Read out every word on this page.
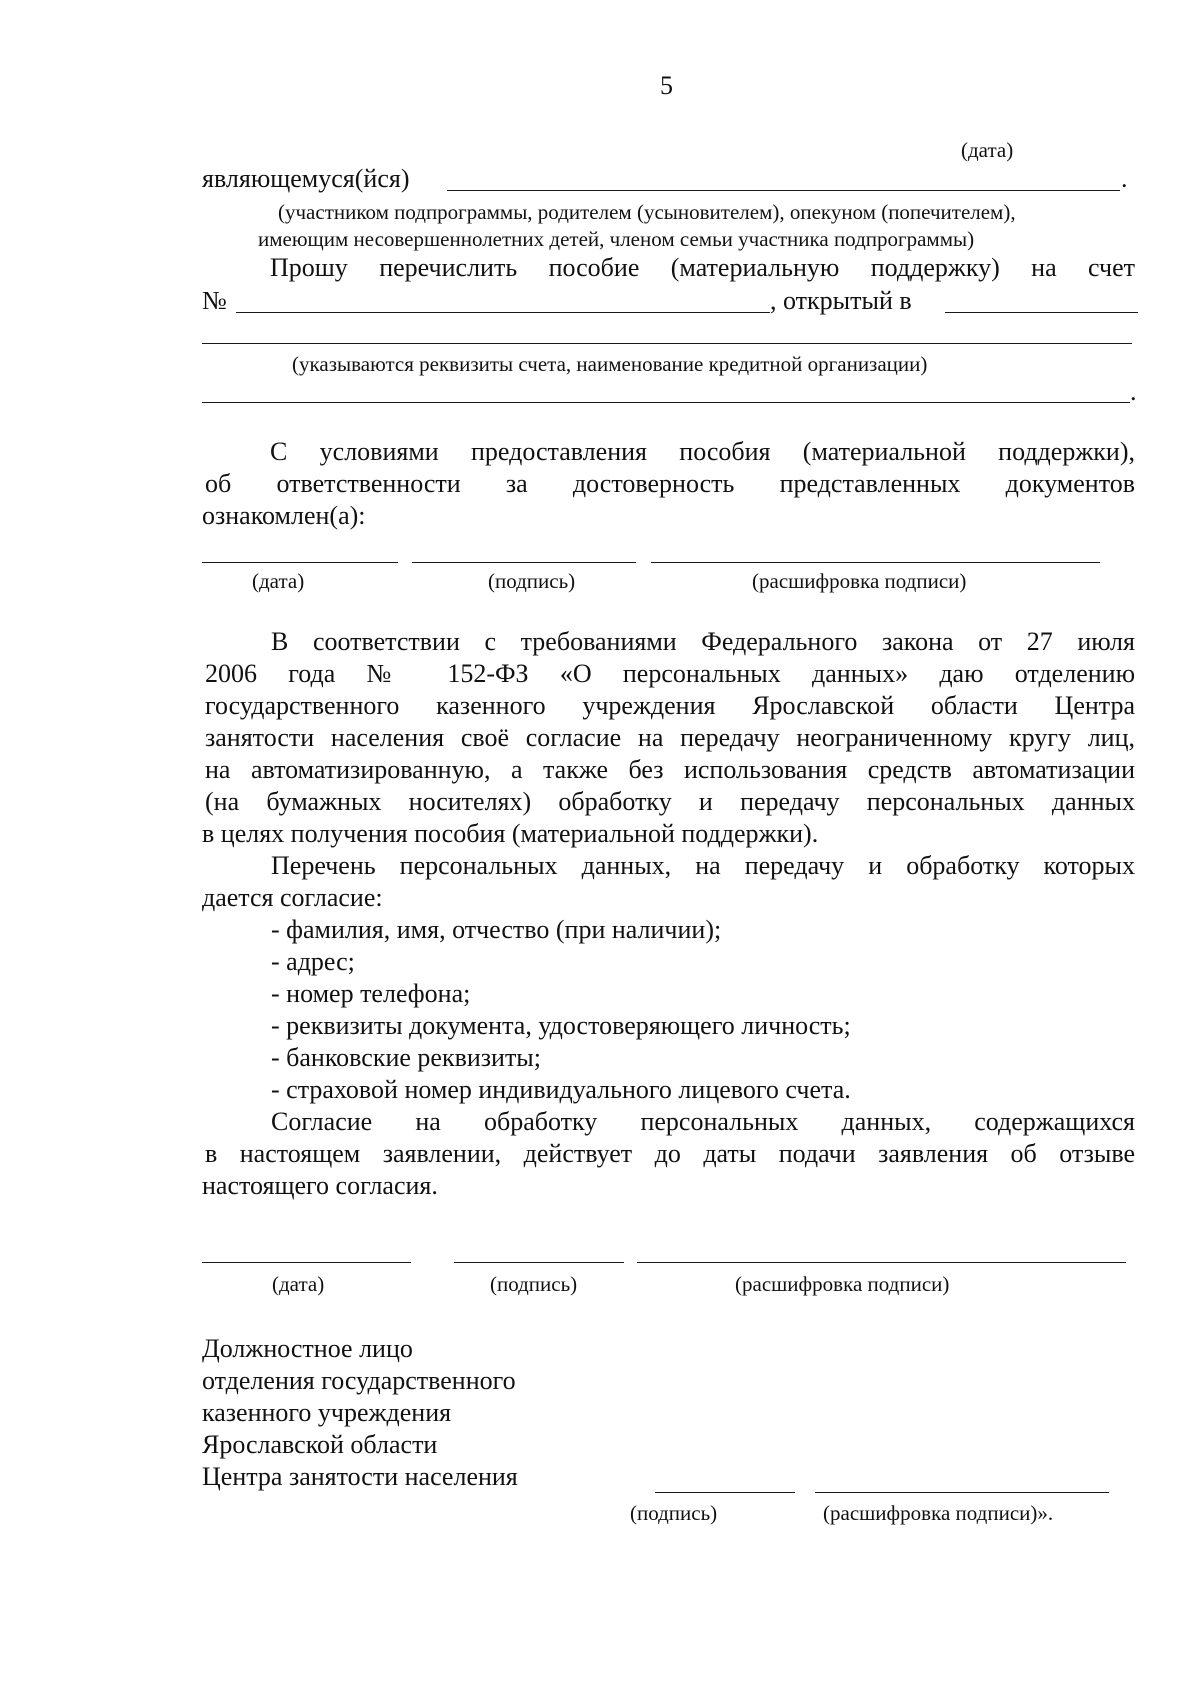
5
(дата)
являющемуся(йся)	.
(участником подпрограммы, родителем (усыновителем), опекуном (попечителем),
имеющим несовершеннолетних детей, членом семьи участника подпрограммы)
Прошу перечислить пособие (материальную поддержку) на счет
№	, открытый в
(указываются реквизиты счета, наименование кредитной организации)
.
С условиями предоставления пособия (материальной поддержки),
об ответственности за достоверность представленных документов
ознакомлен(а):
(дата)	(подпись)	(расшифровка подписи)
В соответствии с требованиями Федерального закона от 27 июля
2006 года № 152-ФЗ «О персональных данных» даю отделению
государственного казенного учреждения Ярославской области Центра
занятости населения своё согласие на передачу неограниченному кругу лиц,
на автоматизированную, а также без использования средств автоматизации
(на бумажных носителях) обработку и передачу персональных данных
в целях получения пособия (материальной поддержки).
Перечень персональных данных, на передачу и обработку которых
дается согласие:
- фамилия, имя, отчество (при наличии);
- адрес;
- номер телефона;
- реквизиты документа, удостоверяющего личность;
- банковские реквизиты;
- страховой номер индивидуального лицевого счета.
Согласие на обработку персональных данных, содержащихся
в настоящем заявлении, действует до даты подачи заявления об отзыве
настоящего согласия.
(дата)	(подпись)	(расшифровка подписи)
Должностное лицо
отделения государственного
казенного учреждения
Ярославской области
Центра занятости населения
(подпись)	(расшифровка подписи)».
